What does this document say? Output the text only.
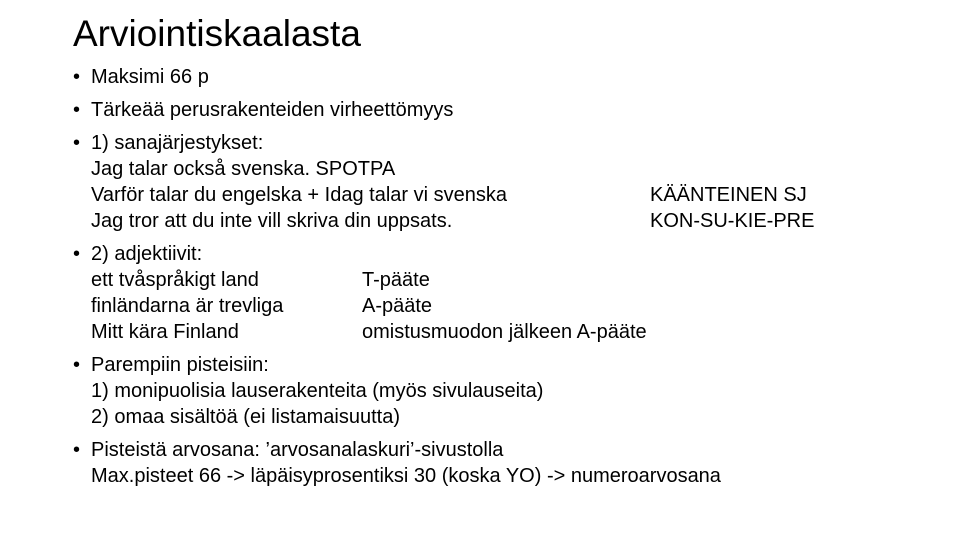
Arviointiskaalasta
• Maksimi 66 p
• Tärkeää perusrakenteiden virheettömyys
• 1) sanajärjestykset:
Jag talar också svenska. SPOTPA
Varför talar du engelska + Idag talar vi svenska	KÄÄNTEINEN SJ
Jag tror att du inte vill skriva din uppsats.	KON-SU-KIE-PRE
• 2) adjektiivit:
ett tvåspråkigt land	T-pääte
finländarna är trevliga	A-pääte
Mitt kära Finland	omistusmuodon jälkeen A-pääte
• Parempiin pisteisiin:
1) monipuolisia lauserakenteita (myös sivulauseita)
2) omaa sisältöä (ei listamaisuutta)
• Pisteistä arvosana: ’arvosanalaskuri’-sivustolla
Max.pisteet 66 -> läpäisyprosentiksi 30 (koska YO) -> numeroarvosana
